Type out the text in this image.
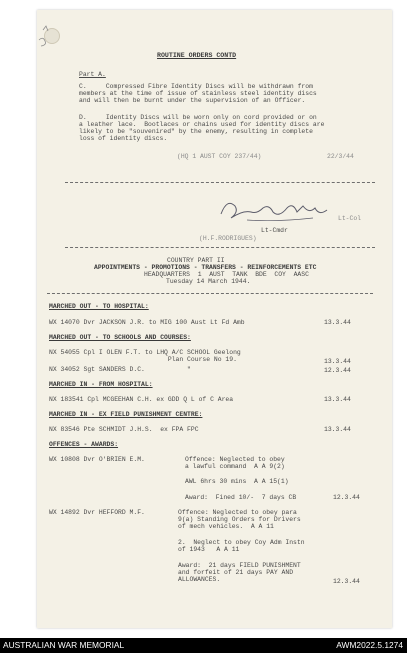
ROUTINE ORDERS CONTD
Part A.
C.     Compressed Fibre Identity Discs will be withdrawn from
members at the time of issue of stainless steel identity discs
and will then be burnt under the supervision of an Officer.
D.     Identity Discs will be worn only on cord provided or on
a leather lace.  Bootlaces or chains used for identity discs are
likely to be "souvenired" by the enemy, resulting in complete
loss of identity discs.
(HQ 1 AUST COY 237/44)	22/3/44
Lt-Col
Lt-Cmdr
(H.F.RODRIGUES)
COUNTRY PART II
APPOINTMENTS - PROMOTIONS - TRANSFERS - REINFORCEMENTS ETC
HEADQUARTERS  1  AUST  TANK  BDE  COY  AASC
Tuesday 14 March 1944.
MARCHED OUT - TO HOSPITAL:
WX 14070 Dvr JACKSON J.R. to MIG 100 Aust Lt Fd Amb	13.3.44
MARCHED OUT - TO SCHOOLS AND COURSES:
NX 54055 Cpl I OLEN F.T. to LHQ A/C SCHOOL Geelong
Plan Course No 19.	13.3.44
NX 34052 Sgt SANDERS D.C.           "	12.3.44
MARCHED IN - FROM HOSPITAL:
NX 183541 Cpl MCGEEHAN C.H. ex GDD Q L of C Area	13.3.44
MARCHED IN - EX FIELD PUNISHMENT CENTRE:
NX 83546 Pte SCHMIDT J.H.S.  ex FPA FPC	13.3.44
OFFENCES - AWARDS:
WX 10808 Dvr O'BRIEN E.M.	Offence: Neglected to obey
a lawful command  A A 9(2)
AWL 6hrs 30 mins  A A 15(1)
Award:  Fined 10/-  7 days CB	12.3.44
WX 14892 Dvr HEFFORD M.F.	Offence: Neglected to obey para
9(a) Standing Orders for Drivers
of mech vehicles.  A A 11
2.  Neglect to obey Coy Adm Instn
of 1943   A A 11
Award:  21 days FIELD PUNISHMENT
and forfeit of 21 days PAY AND
ALLOWANCES.	12.3.44
AUSTRALIAN WAR MEMORIAL	AWM2022.5.1274
